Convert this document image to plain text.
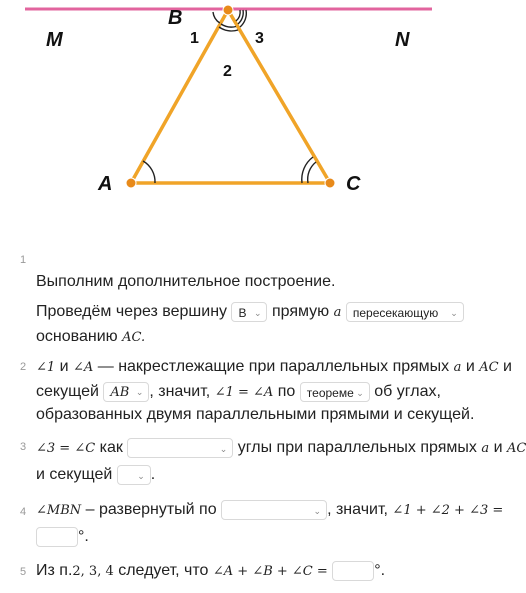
B
M	N
A	C
1
2
3
1
Выполним дополнительное построение.
Проведём через вершину B ⌄ прямую a пересекающую ⌄
основанию AC.
2 ∠1 и ∠A — накрестлежащие при параллельных прямых a и AC и
секущей AB ⌄ , значит, ∠1 = ∠A по теореме ⌄ об углах,
образованных двумя параллельными прямыми и секущей.
3 ∠3 = ∠C как	⌄ углы при параллельных прямых a и AC
и секущей	⌄ .
4 ∠MBN – развернутый по	⌄ , значит, ∠1 + ∠2 + ∠3 =
°.
5 Из п.2, 3, 4 следует, что ∠A + ∠B + ∠C =	°.
